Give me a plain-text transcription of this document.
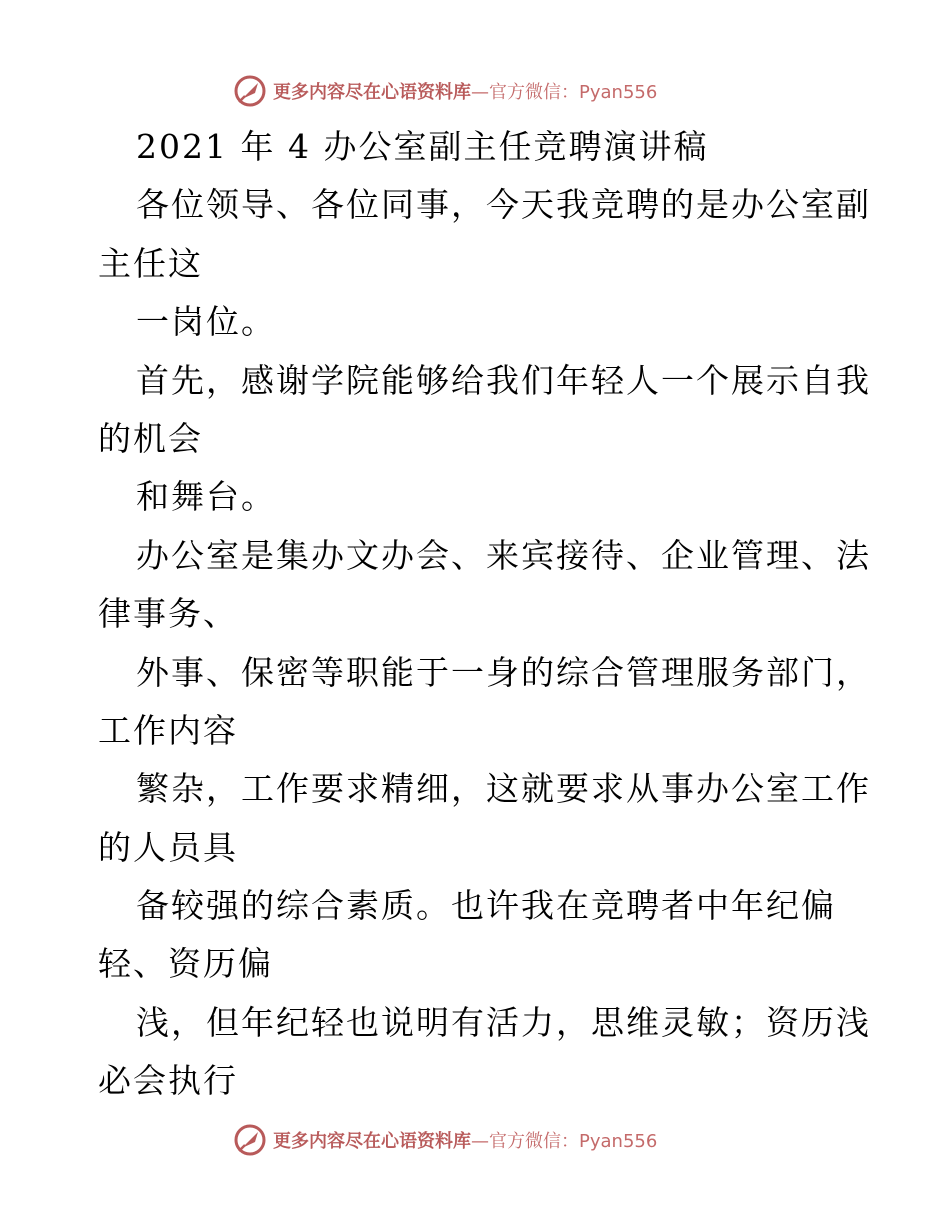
更多内容尽在心语资料库 —官方微信：Pyan556
2021 年 4 办公室副主任竞聘演讲稿
各位领导、各位同事，今天我竞聘的是办公室副
主任这
一岗位。
首先，感谢学院能够给我们年轻人一个展示自我
的机会
和舞台。
办公室是集办文办会、来宾接待、企业管理、法
律事务、
外事、保密等职能于一身的综合管理服务部门，
工作内容
繁杂，工作要求精细，这就要求从事办公室工作
的人员具
备较强的综合素质。也许我在竞聘者中年纪偏
轻、资历偏
浅，但年纪轻也说明有活力，思维灵敏；资历浅
必会执行
更多内容尽在心语资料库 —官方微信：Pyan556
